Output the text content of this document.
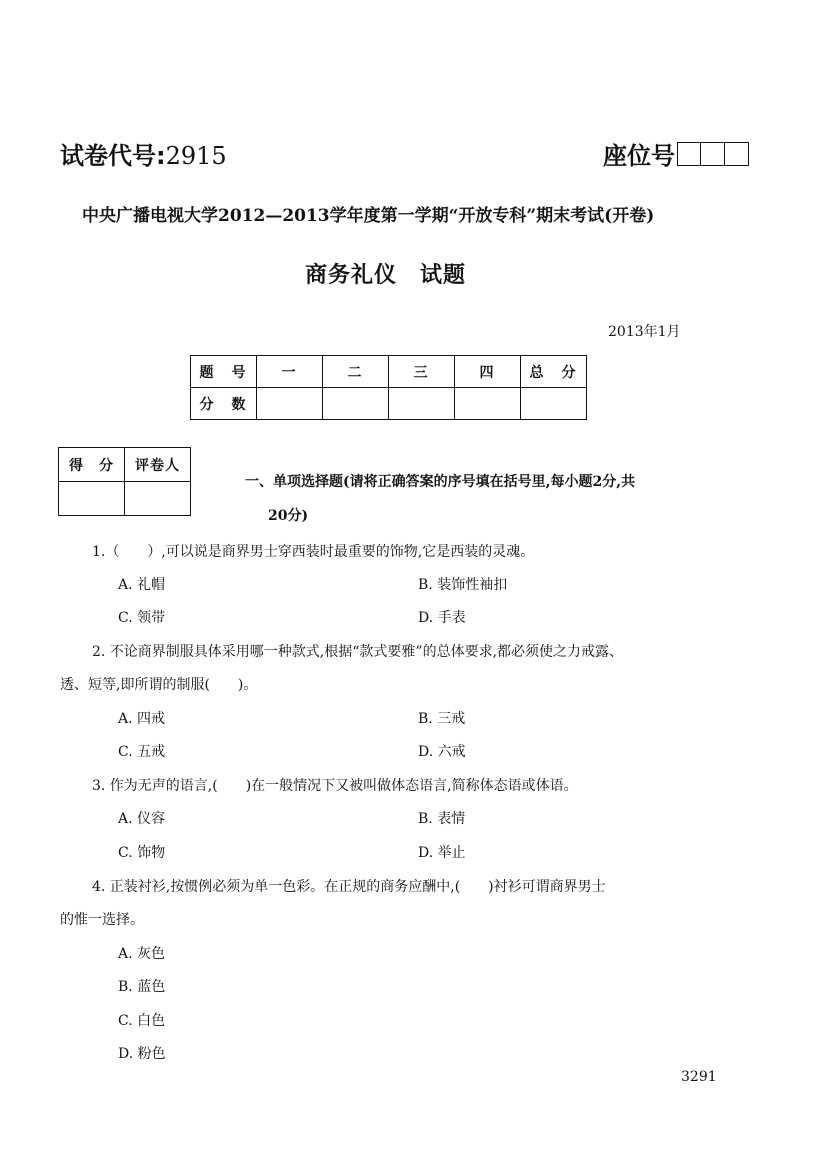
试卷代号:2915	座位号
中央广播电视大学2012—2013学年度第一学期“开放专科”期末考试(开卷)
商务礼仪　试题
2013年1月
题　号	一	二	三	四	总　分
分　数					
得　分	评卷人

一、单项选择题(请将正确答案的序号填在括号里,每小题2分,共
20分)
1.（　　）,可以说是商界男士穿西装时最重要的饰物,它是西装的灵魂。
A. 礼帽	B. 装饰性袖扣
C. 领带	D. 手表
2. 不论商界制服具体采用哪一种款式,根据“款式要雅”的总体要求,都必须使之力戒露、
透、短等,即所谓的制服(　　)。
A. 四戒	B. 三戒
C. 五戒	D. 六戒
3. 作为无声的语言,(　　)在一般情况下又被叫做体态语言,简称体态语或体语。
A. 仪容	B. 表情
C. 饰物	D. 举止
4. 正装衬衫,按惯例必须为单一色彩。在正规的商务应酬中,(　　)衬衫可谓商界男士
的惟一选择。
A. 灰色
B. 蓝色
C. 白色
D. 粉色
3291
